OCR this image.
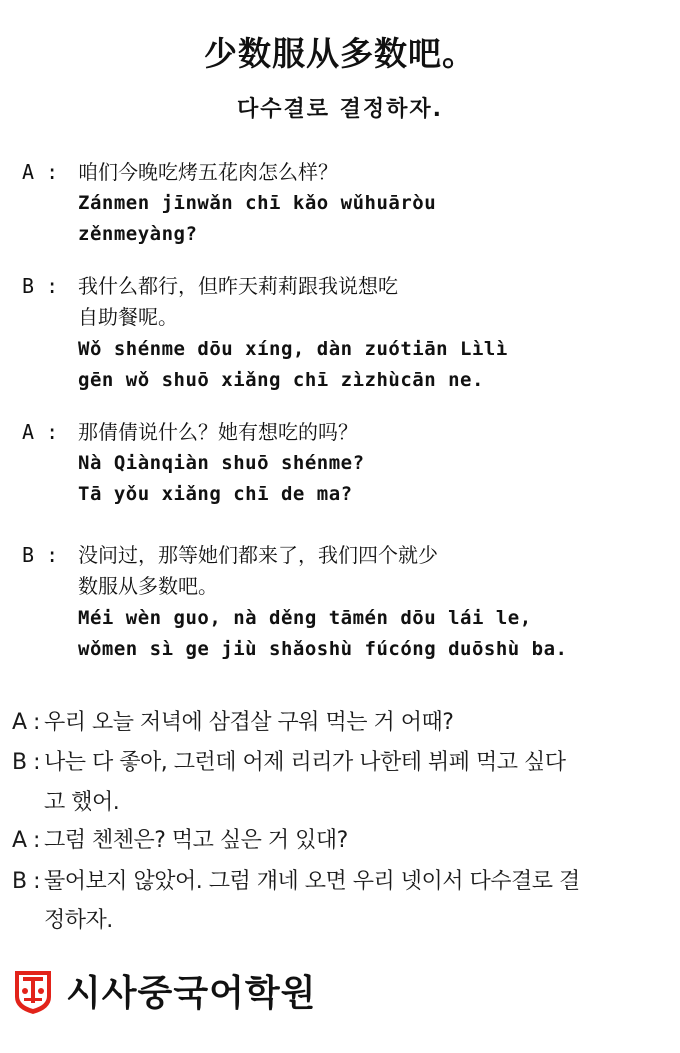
少数服从多数吧。
다수결로 결정하자.
A : 咱们今晚吃烤五花肉怎么样？
Zánmen jīnwǎn chī kǎo wǔhuāròu
zěnmeyàng?
B : 我什么都行，但昨天莉莉跟我说想吃
自助餐呢。
Wǒ shénme dōu xíng, dàn zuótiān Lìlì
gēn wǒ shuō xiǎng chī zìzhùcān ne.
A : 那倩倩说什么？她有想吃的吗？
Nà Qiànqiàn shuō shénme?
Tā yǒu xiǎng chī de ma?
B : 没问过，那等她们都来了，我们四个就少
数服从多数吧。
Méi wèn guo, nà děng tāmén dōu lái le,
wǒmen sì ge jiù shǎoshù fúcóng duōshù ba.
A : 우리 오늘 저녁에 삼겹살 구워 먹는 거 어때?
B : 나는 다 좋아, 그런데 어제 리리가 나한테 뷔페 먹고 싶다
고 했어.
A : 그럼 첸첸은? 먹고 싶은 거 있대?
B : 물어보지 않았어. 그럼 걔네 오면 우리 넷이서 다수결로 결
정하자.
시사중국어학원
